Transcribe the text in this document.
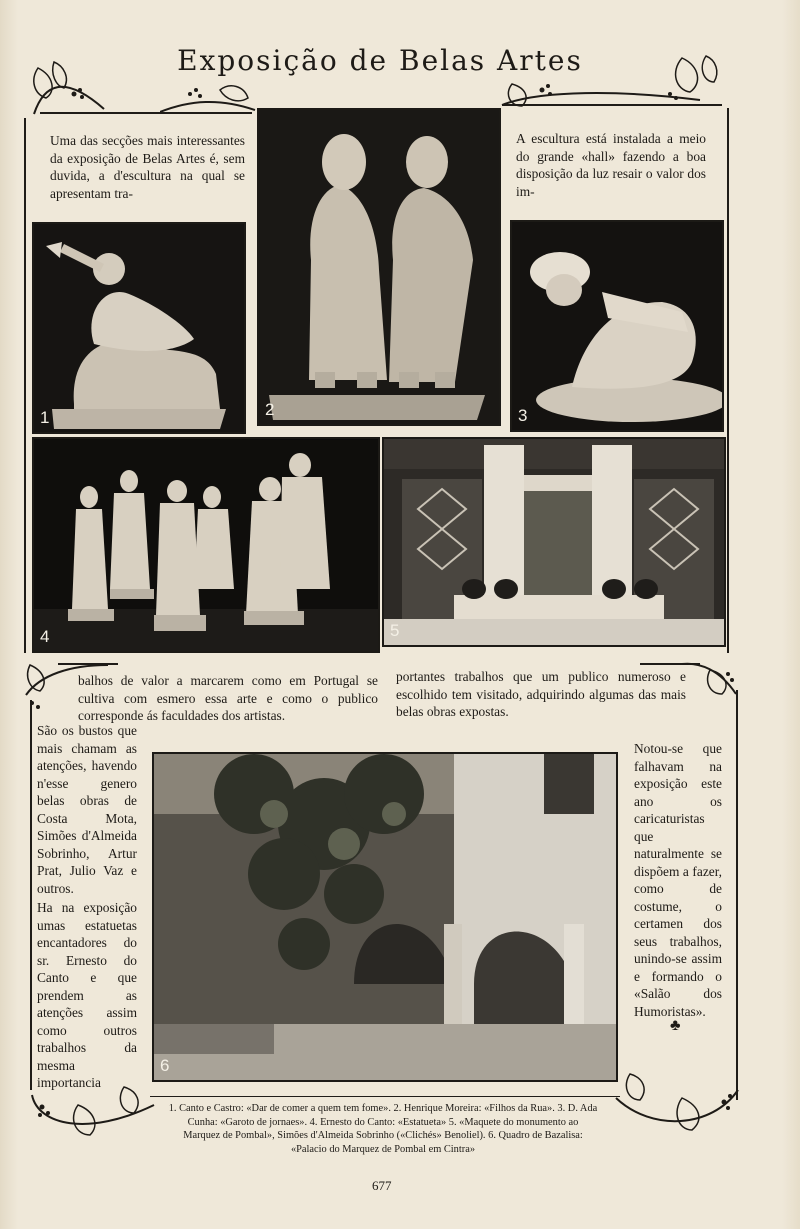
Exposição de Belas Artes
Uma das secções mais interessantes da exposição de Belas Artes é, sem duvida, a d'escultura na qual se apresentam tra-
A escultura está instalada a meio do grande «hall» fazendo a boa disposição da luz resair o valor dos im-
1	2	3
4	5
balhos de valor a marcarem como em Portugal se cultiva com esmero essa arte e como o publico corresponde ás faculdades dos artistas.
portantes trabalhos que um publico numeroso e escolhido tem visitado, adquirindo algumas das mais belas obras expostas.

São os bustos que mais chamam as atenções, havendo n'esse genero belas obras de Costa Mota, Simões d'Almeida Sobrinho, Artur Prat, Julio Vaz e outros.

Ha na exposição umas estatuetas encantadores do sr. Ernesto do Canto e que prendem as atenções assim como outros trabalhos da mesma importancia

6
Notou-se que falhavam na exposição este ano os caricaturistas que naturalmente se dispõem a fazer, como de costume, o certamen dos seus trabalhos, unindo-se assim e formando o «Salão dos Humoristas».
♣
1. Canto e Castro: «Dar de comer a quem tem fome». 2. Henrique Moreira: «Filhos da Rua». 3. D. Ada Cunha: «Garoto de jornaes». 4. Ernesto do Canto: «Estatueta» 5. «Maquete do monumento ao Marquez de Pombal», Simões d'Almeida Sobrinho («Clichés» Benoliel). 6. Quadro de Bazalisa: «Palacio do Marquez de Pombal em Cintra»
677
